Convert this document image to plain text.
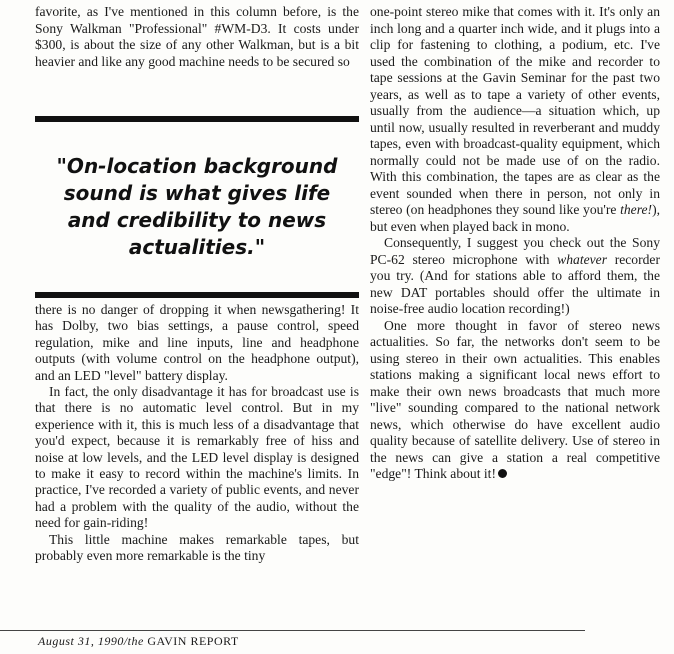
favorite, as I've mentioned in this column before, is the Sony Walkman "Professional" #WM-D3. It costs under $300, is about the size of any other Walkman, but is a bit heavier and like any good machine needs to be secured so

"On-location background sound is what gives life and credibility to news actualities."

there is no danger of dropping it when newsgathering! It has Dolby, two bias settings, a pause control, speed regulation, mike and line inputs, line and headphone outputs (with volume control on the headphone output), and an LED "level" battery display.

In fact, the only disadvantage it has for broadcast use is that there is no automatic level control. But in my experience with it, this is much less of a disadvantage that you'd expect, because it is remarkably free of hiss and noise at low levels, and the LED level display is designed to make it easy to record within the machine's limits. In practice, I've recorded a variety of public events, and never had a problem with the quality of the audio, without the need for gain-riding!

This little machine makes remarkable tapes, but probably even more remarkable is the tiny

one-point stereo mike that comes with it. It's only an inch long and a quarter inch wide, and it plugs into a clip for fastening to clothing, a podium, etc. I've used the combination of the mike and recorder to tape sessions at the Gavin Seminar for the past two years, as well as to tape a variety of other events, usually from the audience—a situation which, up until now, usually resulted in reverberant and muddy tapes, even with broadcast-quality equipment, which normally could not be made use of on the radio. With this combination, the tapes are as clear as the event sounded when there in person, not only in stereo (on headphones they sound like you're there!), but even when played back in mono.

Consequently, I suggest you check out the Sony PC-62 stereo microphone with whatever recorder you try. (And for stations able to afford them, the new DAT portables should offer the ultimate in noise-free audio location recording!)

One more thought in favor of stereo news actualities. So far, the networks don't seem to be using stereo in their own actualities. This enables stations making a significant local news effort to make their own news broadcasts that much more "live" sounding compared to the national network news, which otherwise do have excellent audio quality because of satellite delivery. Use of stereo in the news can give a station a real competitive "edge"! Think about it!

August 31, 1990/the GAVIN REPORT
